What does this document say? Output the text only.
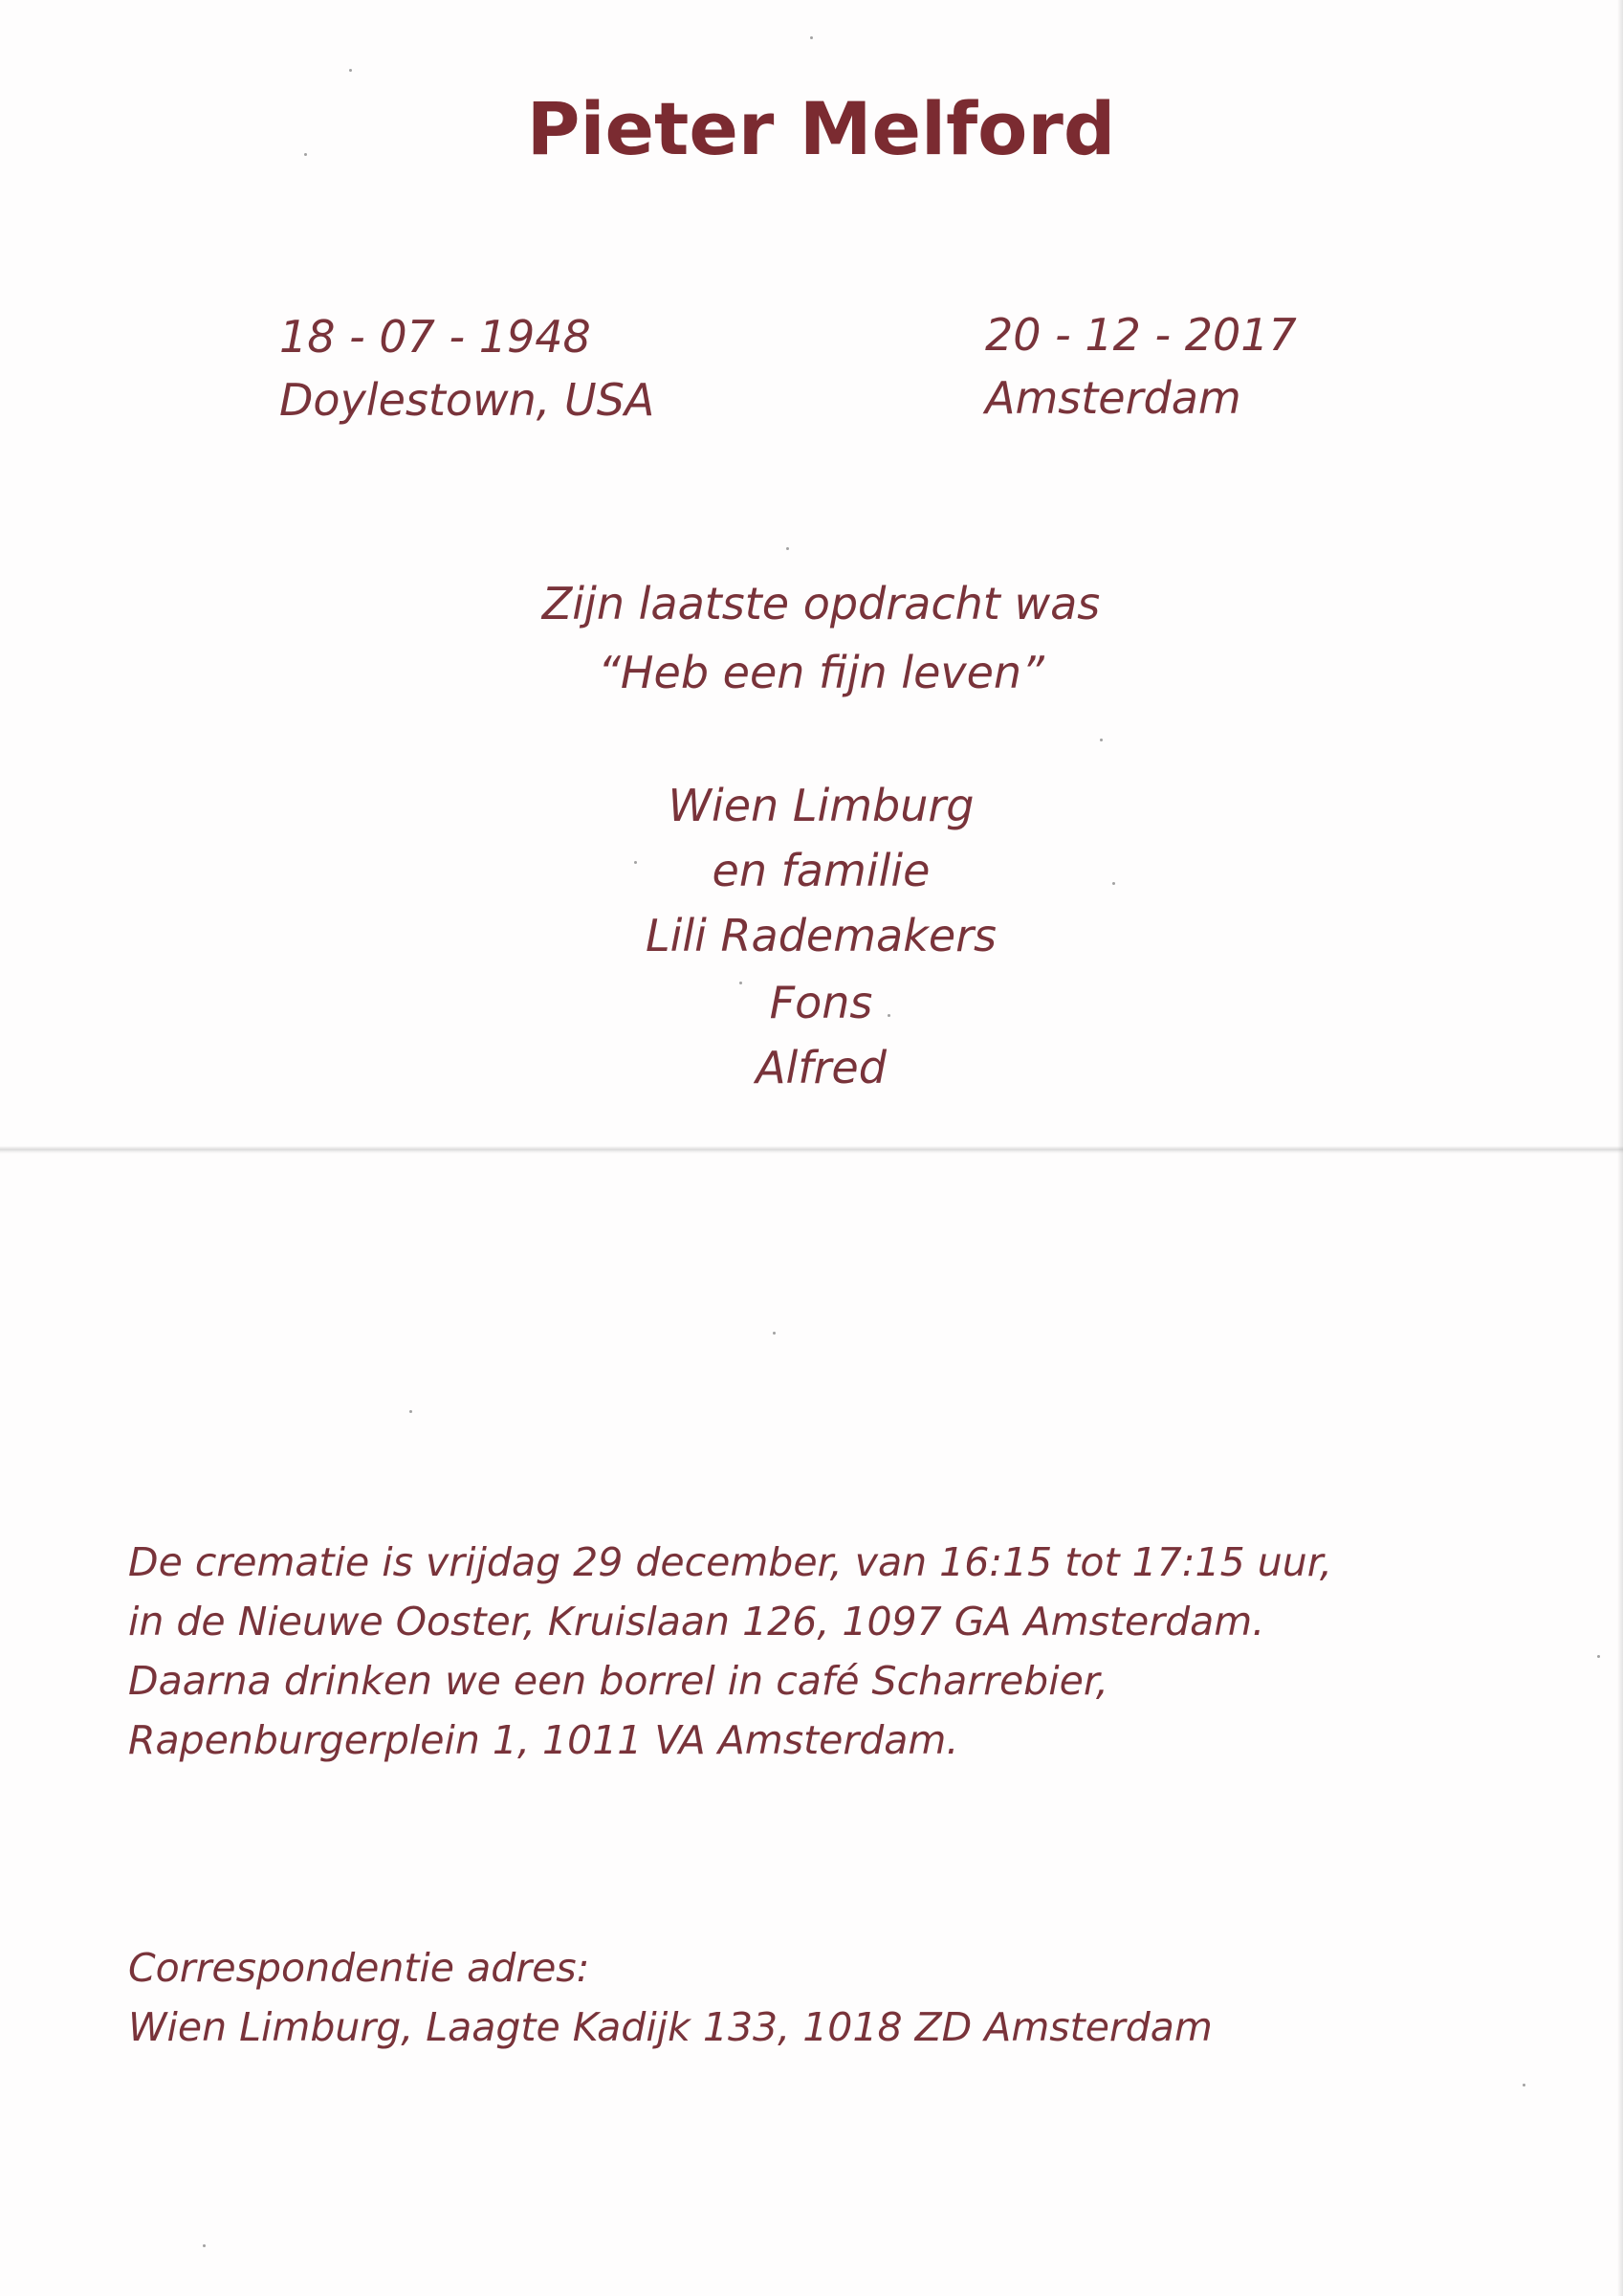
Pieter Melford
18 - 07 - 1948
Doylestown, USA
20 - 12 - 2017
Amsterdam
Zijn laatste opdracht was
“Heb een fijn leven”
Wien Limburg
en familie
Lili Rademakers
Fons
Alfred
De crematie is vrijdag 29 december, van 16:15 tot 17:15 uur,
in de Nieuwe Ooster, Kruislaan 126, 1097 GA Amsterdam.
Daarna drinken we een borrel in café Scharrebier,
Rapenburgerplein 1, 1011 VA Amsterdam.
Correspondentie adres:
Wien Limburg, Laagte Kadijk 133, 1018 ZD Amsterdam
